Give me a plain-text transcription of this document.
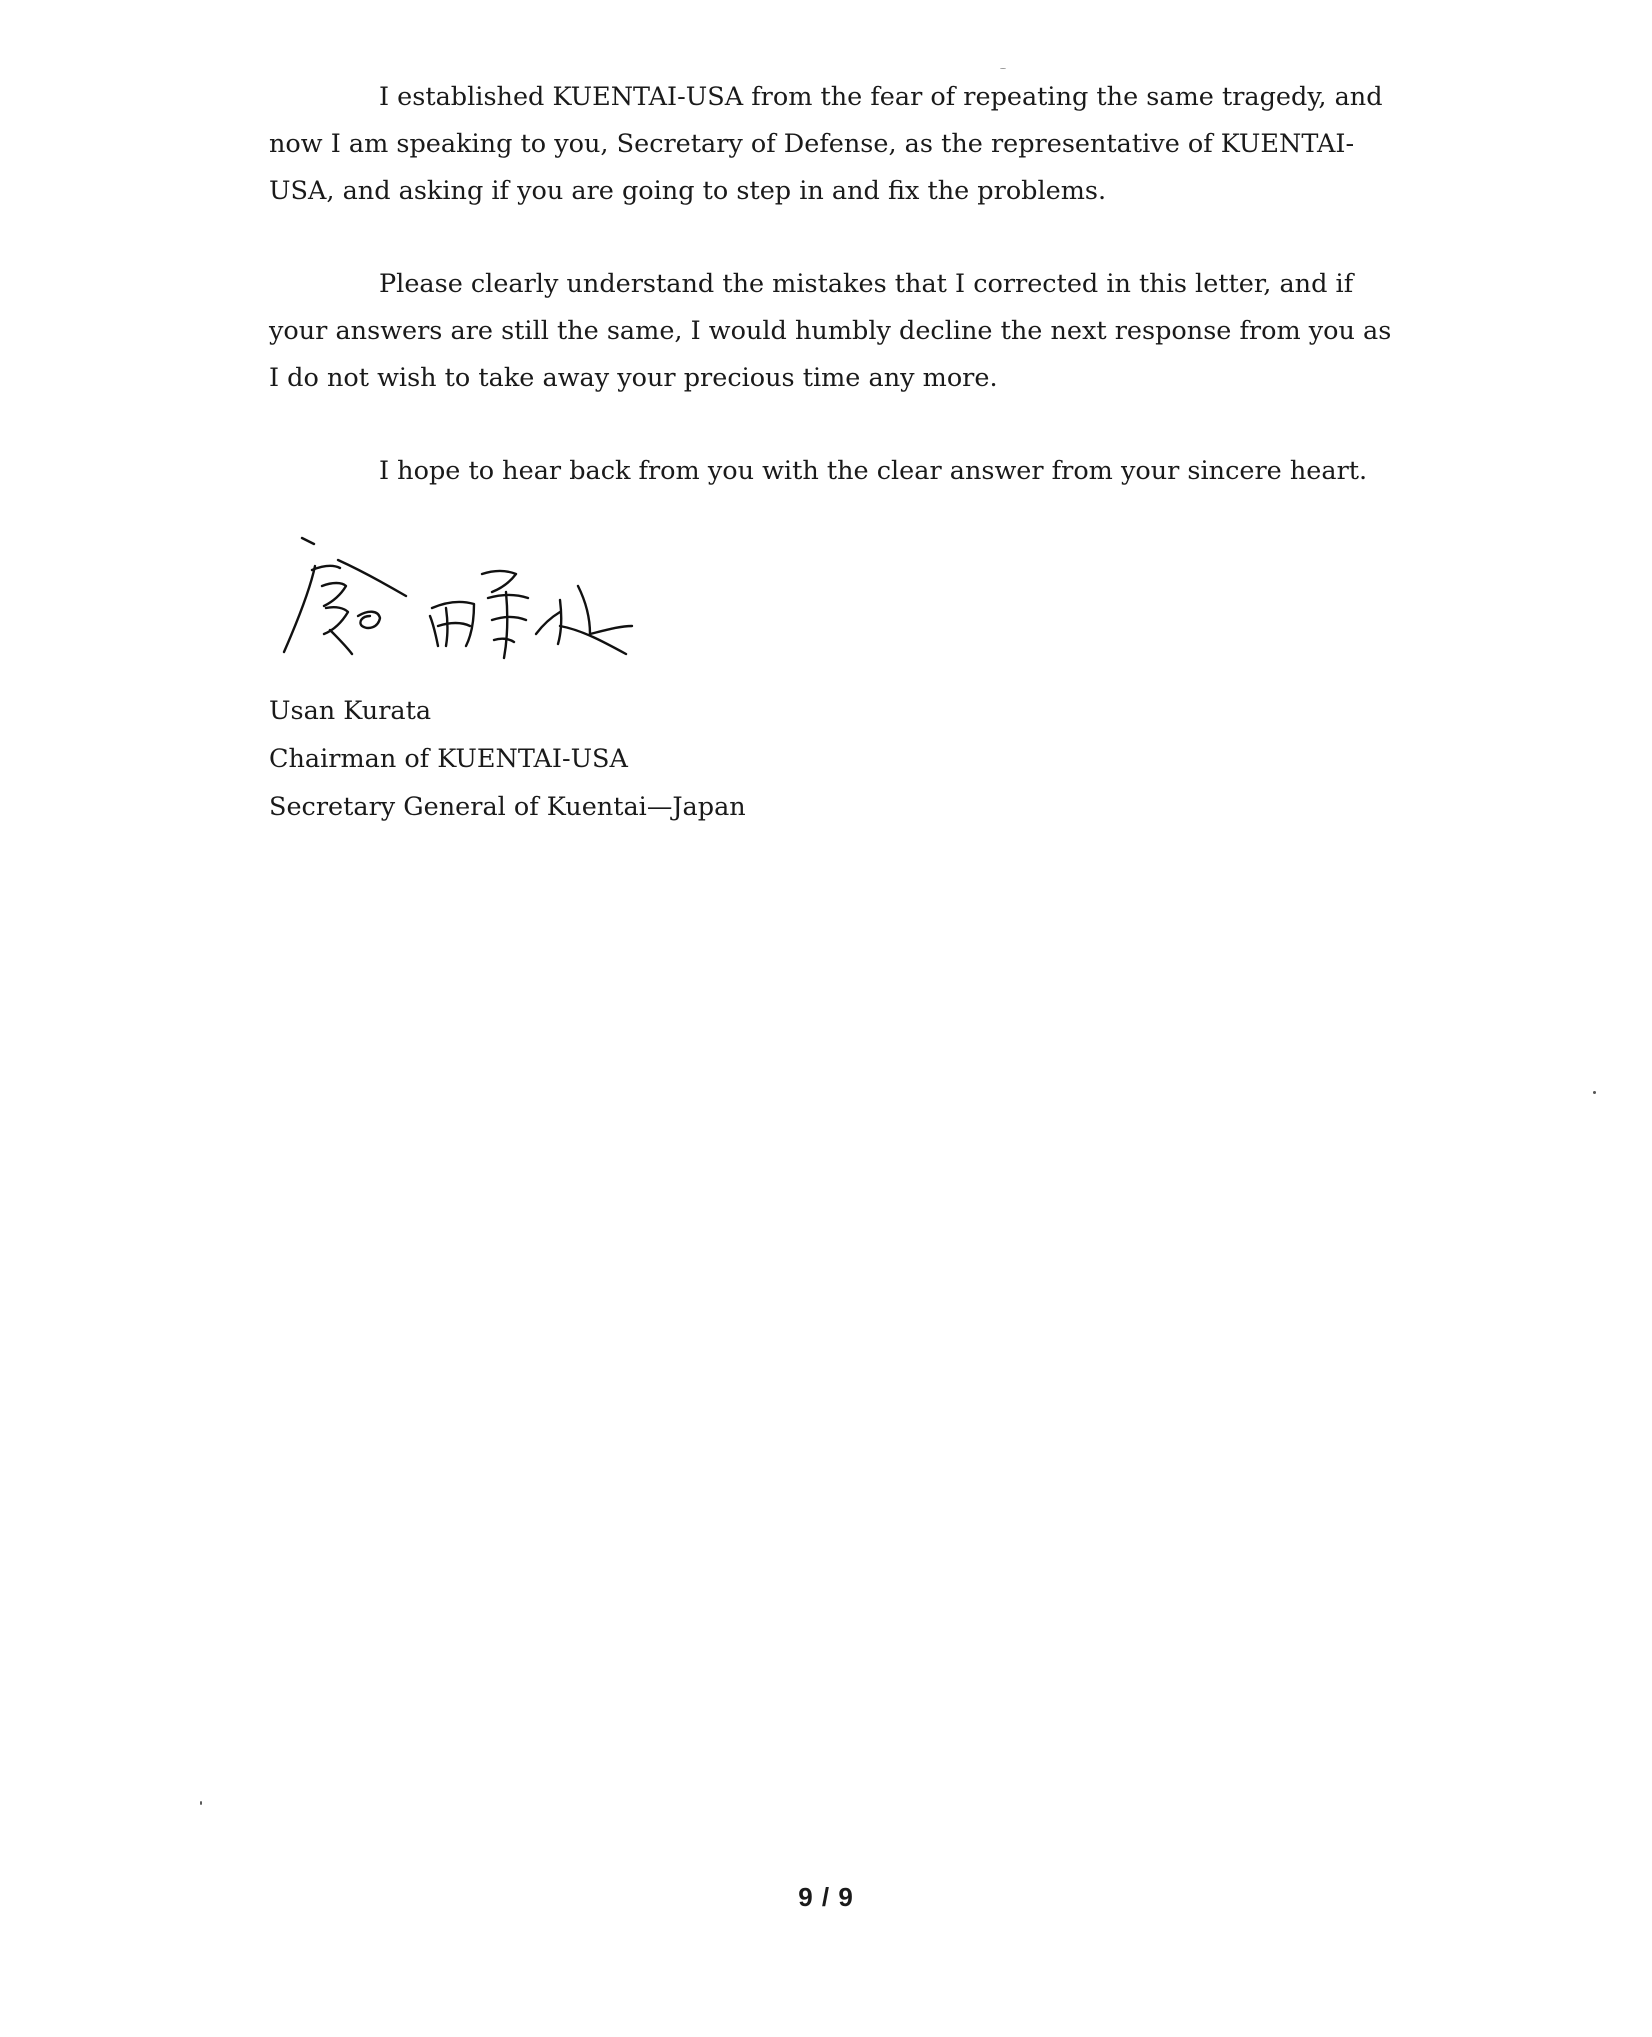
I established KUENTAI-USA from the fear of repeating the same tragedy, and now I am speaking to you, Secretary of Defense, as the representative of KUENTAI-USA, and asking if you are going to step in and fix the problems.

Please clearly understand the mistakes that I corrected in this letter, and if your answers are still the same, I would humbly decline the next response from you as I do not wish to take away your precious time any more.

I hope to hear back from you with the clear answer from your sincere heart.

Usan Kurata
Chairman of KUENTAI-USA
Secretary General of Kuentai—Japan
9 / 9
